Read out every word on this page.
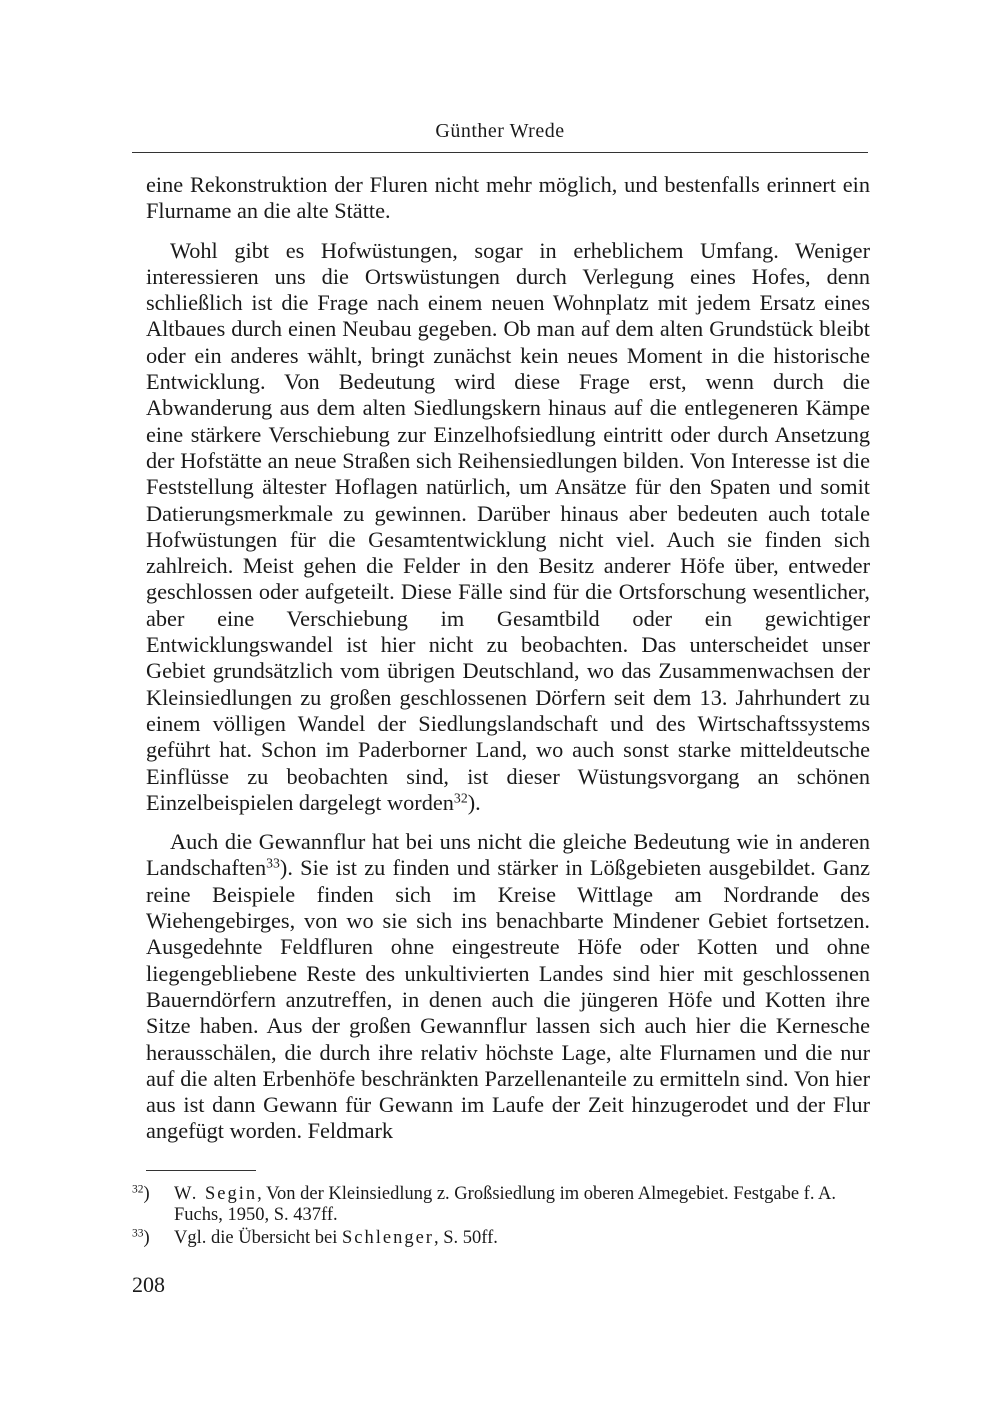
Günther Wrede

eine Rekonstruktion der Fluren nicht mehr möglich, und bestenfalls erinnert ein Flurname an die alte Stätte.

Wohl gibt es Hofwüstungen, sogar in erheblichem Umfang. Weniger interessieren uns die Ortswüstungen durch Verlegung eines Hofes, denn schließlich ist die Frage nach einem neuen Wohnplatz mit jedem Ersatz eines Altbaues durch einen Neubau gegeben. Ob man auf dem alten Grundstück bleibt oder ein anderes wählt, bringt zunächst kein neues Moment in die historische Entwicklung. Von Bedeutung wird diese Frage erst, wenn durch die Abwanderung aus dem alten Siedlungskern hinaus auf die entlegeneren Kämpe eine stärkere Verschiebung zur Einzelhofsiedlung eintritt oder durch Ansetzung der Hofstätte an neue Straßen sich Reihensiedlungen bilden. Von Interesse ist die Feststellung ältester Hoflagen natürlich, um Ansätze für den Spaten und somit Datierungsmerkmale zu gewinnen. Darüber hinaus aber bedeuten auch totale Hofwüstungen für die Gesamtentwicklung nicht viel. Auch sie finden sich zahlreich. Meist gehen die Felder in den Besitz anderer Höfe über, entweder geschlossen oder aufgeteilt. Diese Fälle sind für die Ortsforschung wesentlicher, aber eine Verschiebung im Gesamtbild oder ein gewichtiger Entwicklungswandel ist hier nicht zu beobachten. Das unterscheidet unser Gebiet grundsätzlich vom übrigen Deutschland, wo das Zusammenwachsen der Kleinsiedlungen zu großen geschlossenen Dörfern seit dem 13. Jahrhundert zu einem völligen Wandel der Siedlungslandschaft und des Wirtschaftssystems geführt hat. Schon im Paderborner Land, wo auch sonst starke mitteldeutsche Einflüsse zu beobachten sind, ist dieser Wüstungsvorgang an schönen Einzelbeispielen dargelegt worden$^{32}$).

Auch die Gewannflur hat bei uns nicht die gleiche Bedeutung wie in anderen Landschaften$^{33}$). Sie ist zu finden und stärker in Lößgebieten ausgebildet. Ganz reine Beispiele finden sich im Kreise Wittlage am Nordrande des Wiehengebirges, von wo sie sich ins benachbarte Mindener Gebiet fortsetzen. Ausgedehnte Feldfluren ohne eingestreute Höfe oder Kotten und ohne liegengebliebene Reste des unkultivierten Landes sind hier mit geschlossenen Bauerndörfern anzutreffen, in denen auch die jüngeren Höfe und Kotten ihre Sitze haben. Aus der großen Gewannflur lassen sich auch hier die Kernesche herausschälen, die durch ihre relativ höchste Lage, alte Flurnamen und die nur auf die alten Erbenhöfe beschränkten Parzellenanteile zu ermitteln sind. Von hier aus ist dann Gewann für Gewann im Laufe der Zeit hinzugerodet und der Flur angefügt worden. Feldmark

$^{32}$)	W. Segin, Von der Kleinsiedlung z. Großsiedlung im oberen Almegebiet. Festgabe f. A. Fuchs, 1950, S. 437ff.
$^{33}$)	Vgl. die Übersicht bei Schlenger, S. 50ff.
208
